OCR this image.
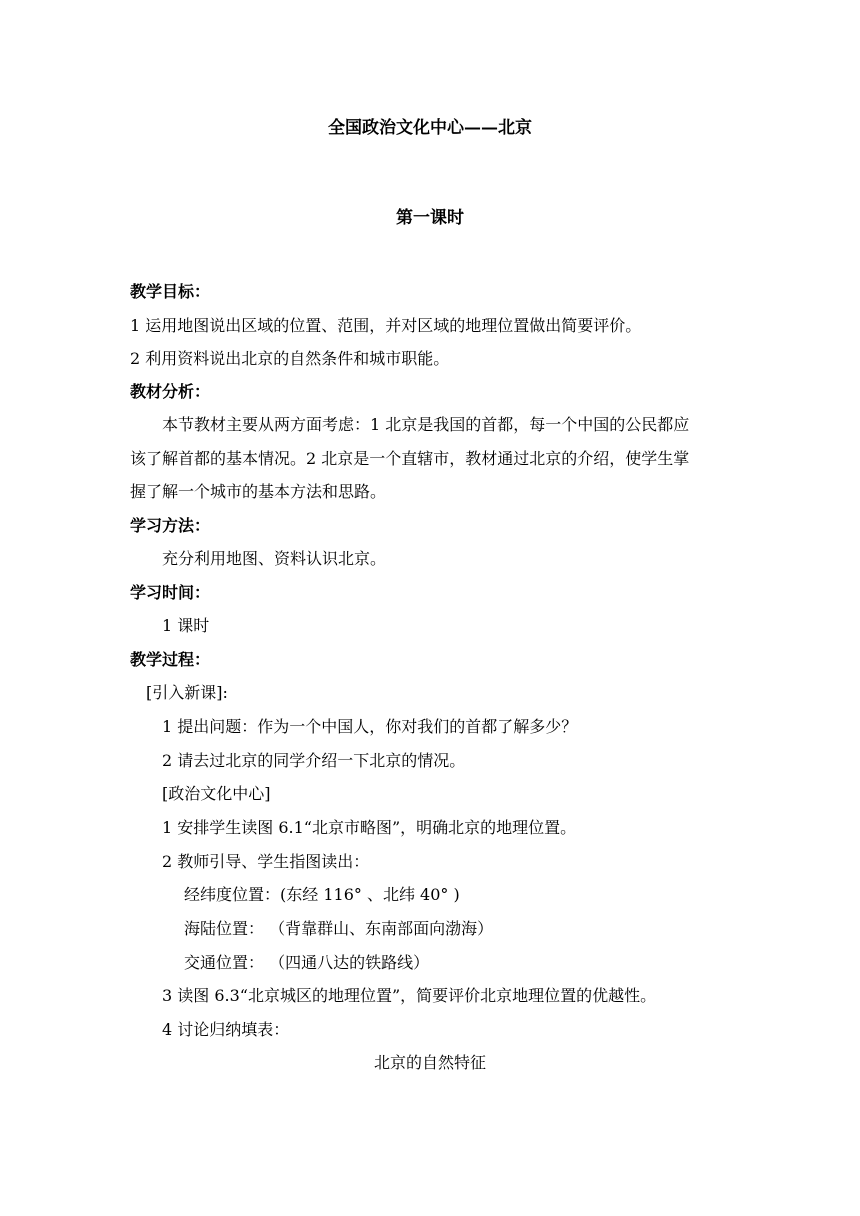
全国政治文化中心——北京
第一课时
教学目标：
1 运用地图说出区域的位置、范围，并对区域的地理位置做出简要评价。
2 利用资料说出北京的自然条件和城市职能。
教材分析：
本节教材主要从两方面考虑：1 北京是我国的首都，每一个中国的公民都应
该了解首都的基本情况。2 北京是一个直辖市，教材通过北京的介绍，使学生掌
握了解一个城市的基本方法和思路。
学习方法：
充分利用地图、资料认识北京。
学习时间：
1 课时
教学过程：
[引入新课]:
1 提出问题：作为一个中国人，你对我们的首都了解多少？
2 请去过北京的同学介绍一下北京的情况。
[政治文化中心]
1 安排学生读图 6.1“北京市略图”，明确北京的地理位置。
2 教师引导、学生指图读出：
经纬度位置：(东经 116° 、北纬 40° )
海陆位置： （背靠群山、东南部面向渤海）
交通位置： （四通八达的铁路线）
3 读图 6.3“北京城区的地理位置”，简要评价北京地理位置的优越性。
4 讨论归纳填表：
北京的自然特征
